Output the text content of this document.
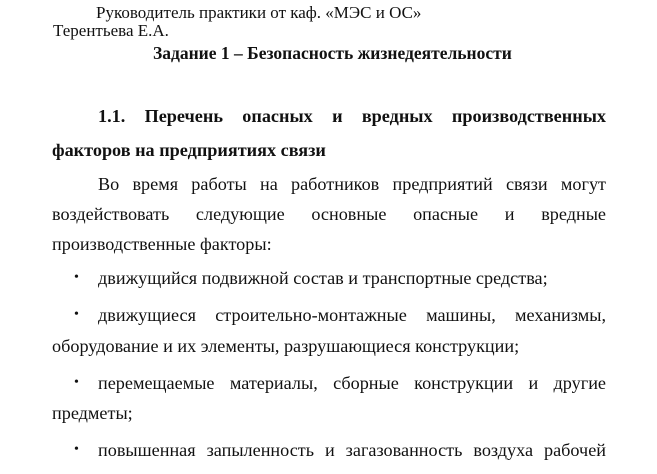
Руководитель практики от каф. «МЭС и ОС»

Терентьева Е.А.

Задание 1 – Безопасность жизнедеятельности

1.1. Перечень опасных и вредных производственных

факторов на предприятиях связи

Во время работы на работников предприятий связи могут

воздействовать следующие основные опасные и вредные

производственные факторы:

• движущийся подвижной состав и транспортные средства;

• движущиеся строительно-монтажные машины, механизмы,

оборудование и их элементы, разрушающиеся конструкции;

• перемещаемые материалы, сборные конструкции и другие

предметы;

• повышенная запыленность и загазованность воздуха рабочей
